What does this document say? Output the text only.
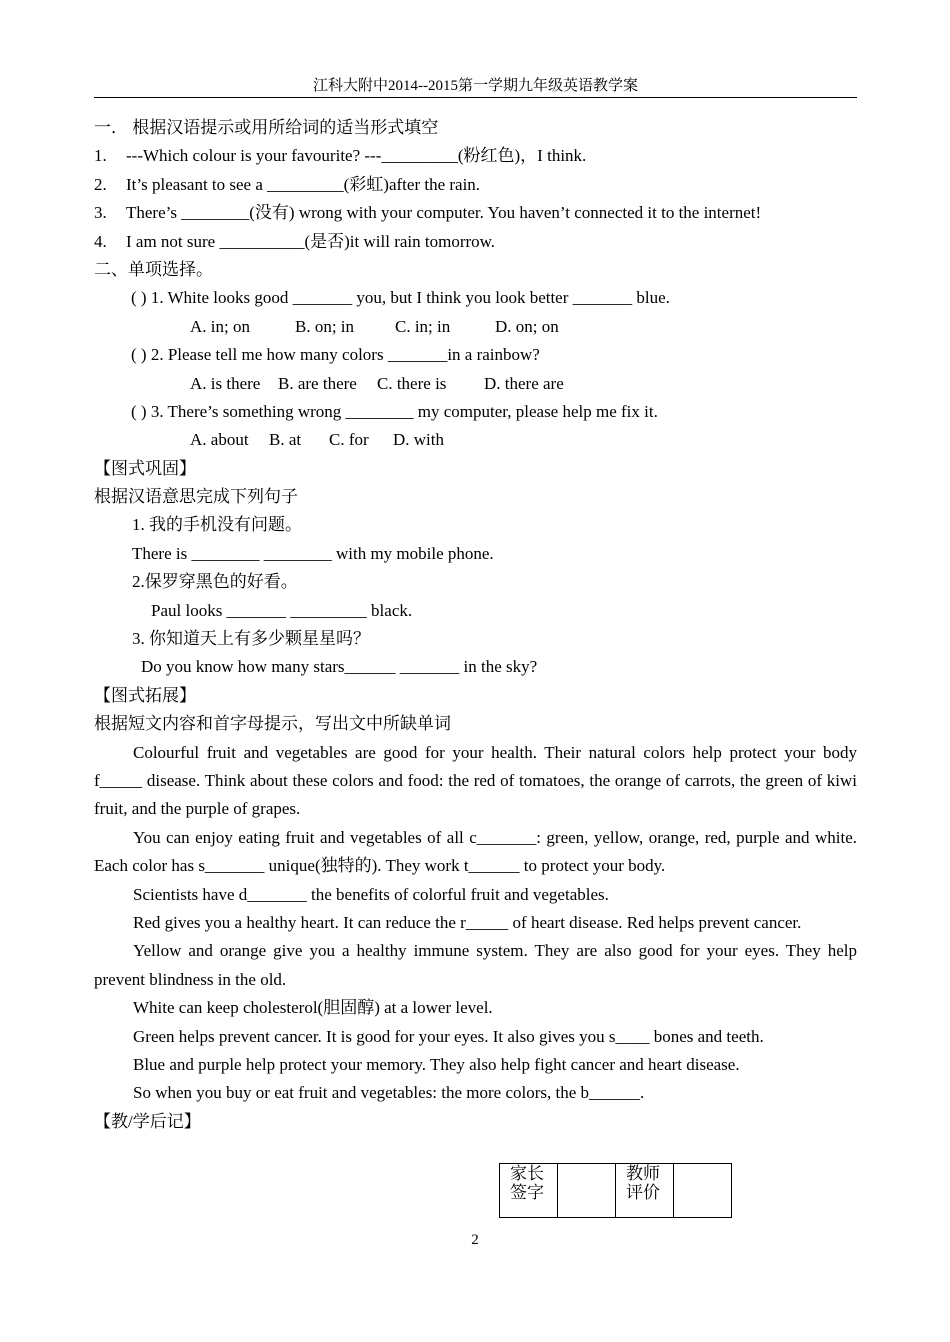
江科大附中2014--2015第一学期九年级英语教学案
一． 根据汉语提示或用所给词的适当形式填空
1.	---Which colour is your favourite? ---_________(粉红色)，I think.
2.	It’s pleasant to see a _________(彩虹)after the rain.
3.	There’s ________(没有) wrong with your computer. You haven’t connected it to the internet!
4.	I am not sure __________(是否)it will rain tomorrow.
二、单项选择。
( ) 1. White looks good _______ you, but I think you look better _______ blue.
A. in; on	B. on; in C. in; in	D. on; on
( ) 2. Please tell me how many colors _______in a rainbow?
A. is there B. are there C. there is D. there are
( ) 3. There’s something wrong ________ my computer, please help me fix it.
A. about B. at C. for D. with
【图式巩固】
根据汉语意思完成下列句子
1. 我的手机没有问题。
There is ________ ________ with my mobile phone.
2.保罗穿黑色的好看。
Paul looks _______ _________ black.
3. 你知道天上有多少颗星星吗？
Do you know how many stars______ _______ in the sky?
【图式拓展】
根据短文内容和首字母提示，写出文中所缺单词

Colourful fruit and vegetables are good for your health. Their natural colors help protect your body f_____ disease. Think about these colors and food: the red of tomatoes, the orange of carrots, the green of kiwi fruit, and the purple of grapes.

You can enjoy eating fruit and vegetables of all c_______: green, yellow, orange, red, purple and white. Each color has s_______ unique(独特的). They work t______ to protect your body.

Scientists have d_______ the benefits of colorful fruit and vegetables.

Red gives you a healthy heart. It can reduce the r_____ of heart disease. Red helps prevent cancer.

Yellow and orange give you a healthy immune system. They are also good for your eyes. They help prevent blindness in the old.

White can keep cholesterol(胆固醇) at a lower level.

Green helps prevent cancer. It is good for your eyes. It also gives you s____ bones and teeth.

Blue and purple help protect your memory. They also help fight cancer and heart disease.

So when you buy or eat fruit and vegetables: the more colors, the b______.

【教/学后记】
家长
签字

教师
评价

2
